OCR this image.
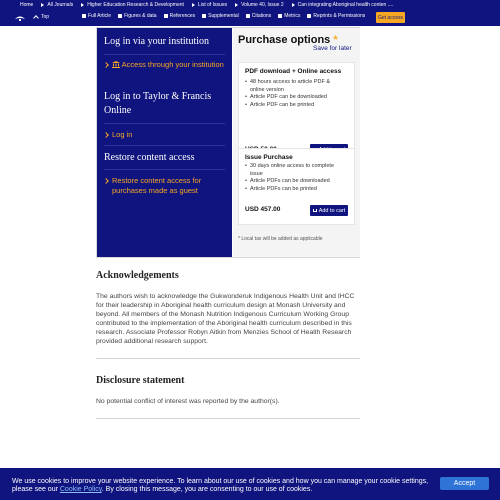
Home	All Journals	Higher Education Research & Development	List of Issues	Volume 40, Issue 2	Can integrating Aboriginal health conten ....
Top	Full Article	Figures & data	References	Supplemental	Citations	Metrics	Reprints & Permissions	Get access
Log in via your institution
Access through your institution
Log in to Taylor & Francis Online
Log in
Restore content access
Restore content access for purchases made as guest
Purchase options *
Save for later
PDF download + Online access
• 48 hours access to article PDF & online version
• Article PDF can be downloaded
• Article PDF can be printed
Issue Purchase
• 30 days online access to complete issue
• Article PDFs can be downloaded
• Article PDFs can be printed
USD 457.00	Add to cart
* Local tax will be added as applicable
Acknowledgements
The authors wish to acknowledge the Gukwonderuk Indigenous Health Unit and IHCC for their leadership in Aboriginal health curriculum design at Monash University and beyond. All members of the Monash Nutrition Indigenous Curriculum Working Group contributed to the implementation of the Aboriginal health curriculum described in this research. Associate Professor Robyn Aitkin from Menzies School of Health Research provided additional research support.
Disclosure statement
No potential conflict of interest was reported by the author(s).
We use cookies to improve your website experience. To learn about our use of cookies and how you can manage your cookie settings, please see our Cookie Policy. By closing this message, you are consenting to our use of cookies.
Accept
